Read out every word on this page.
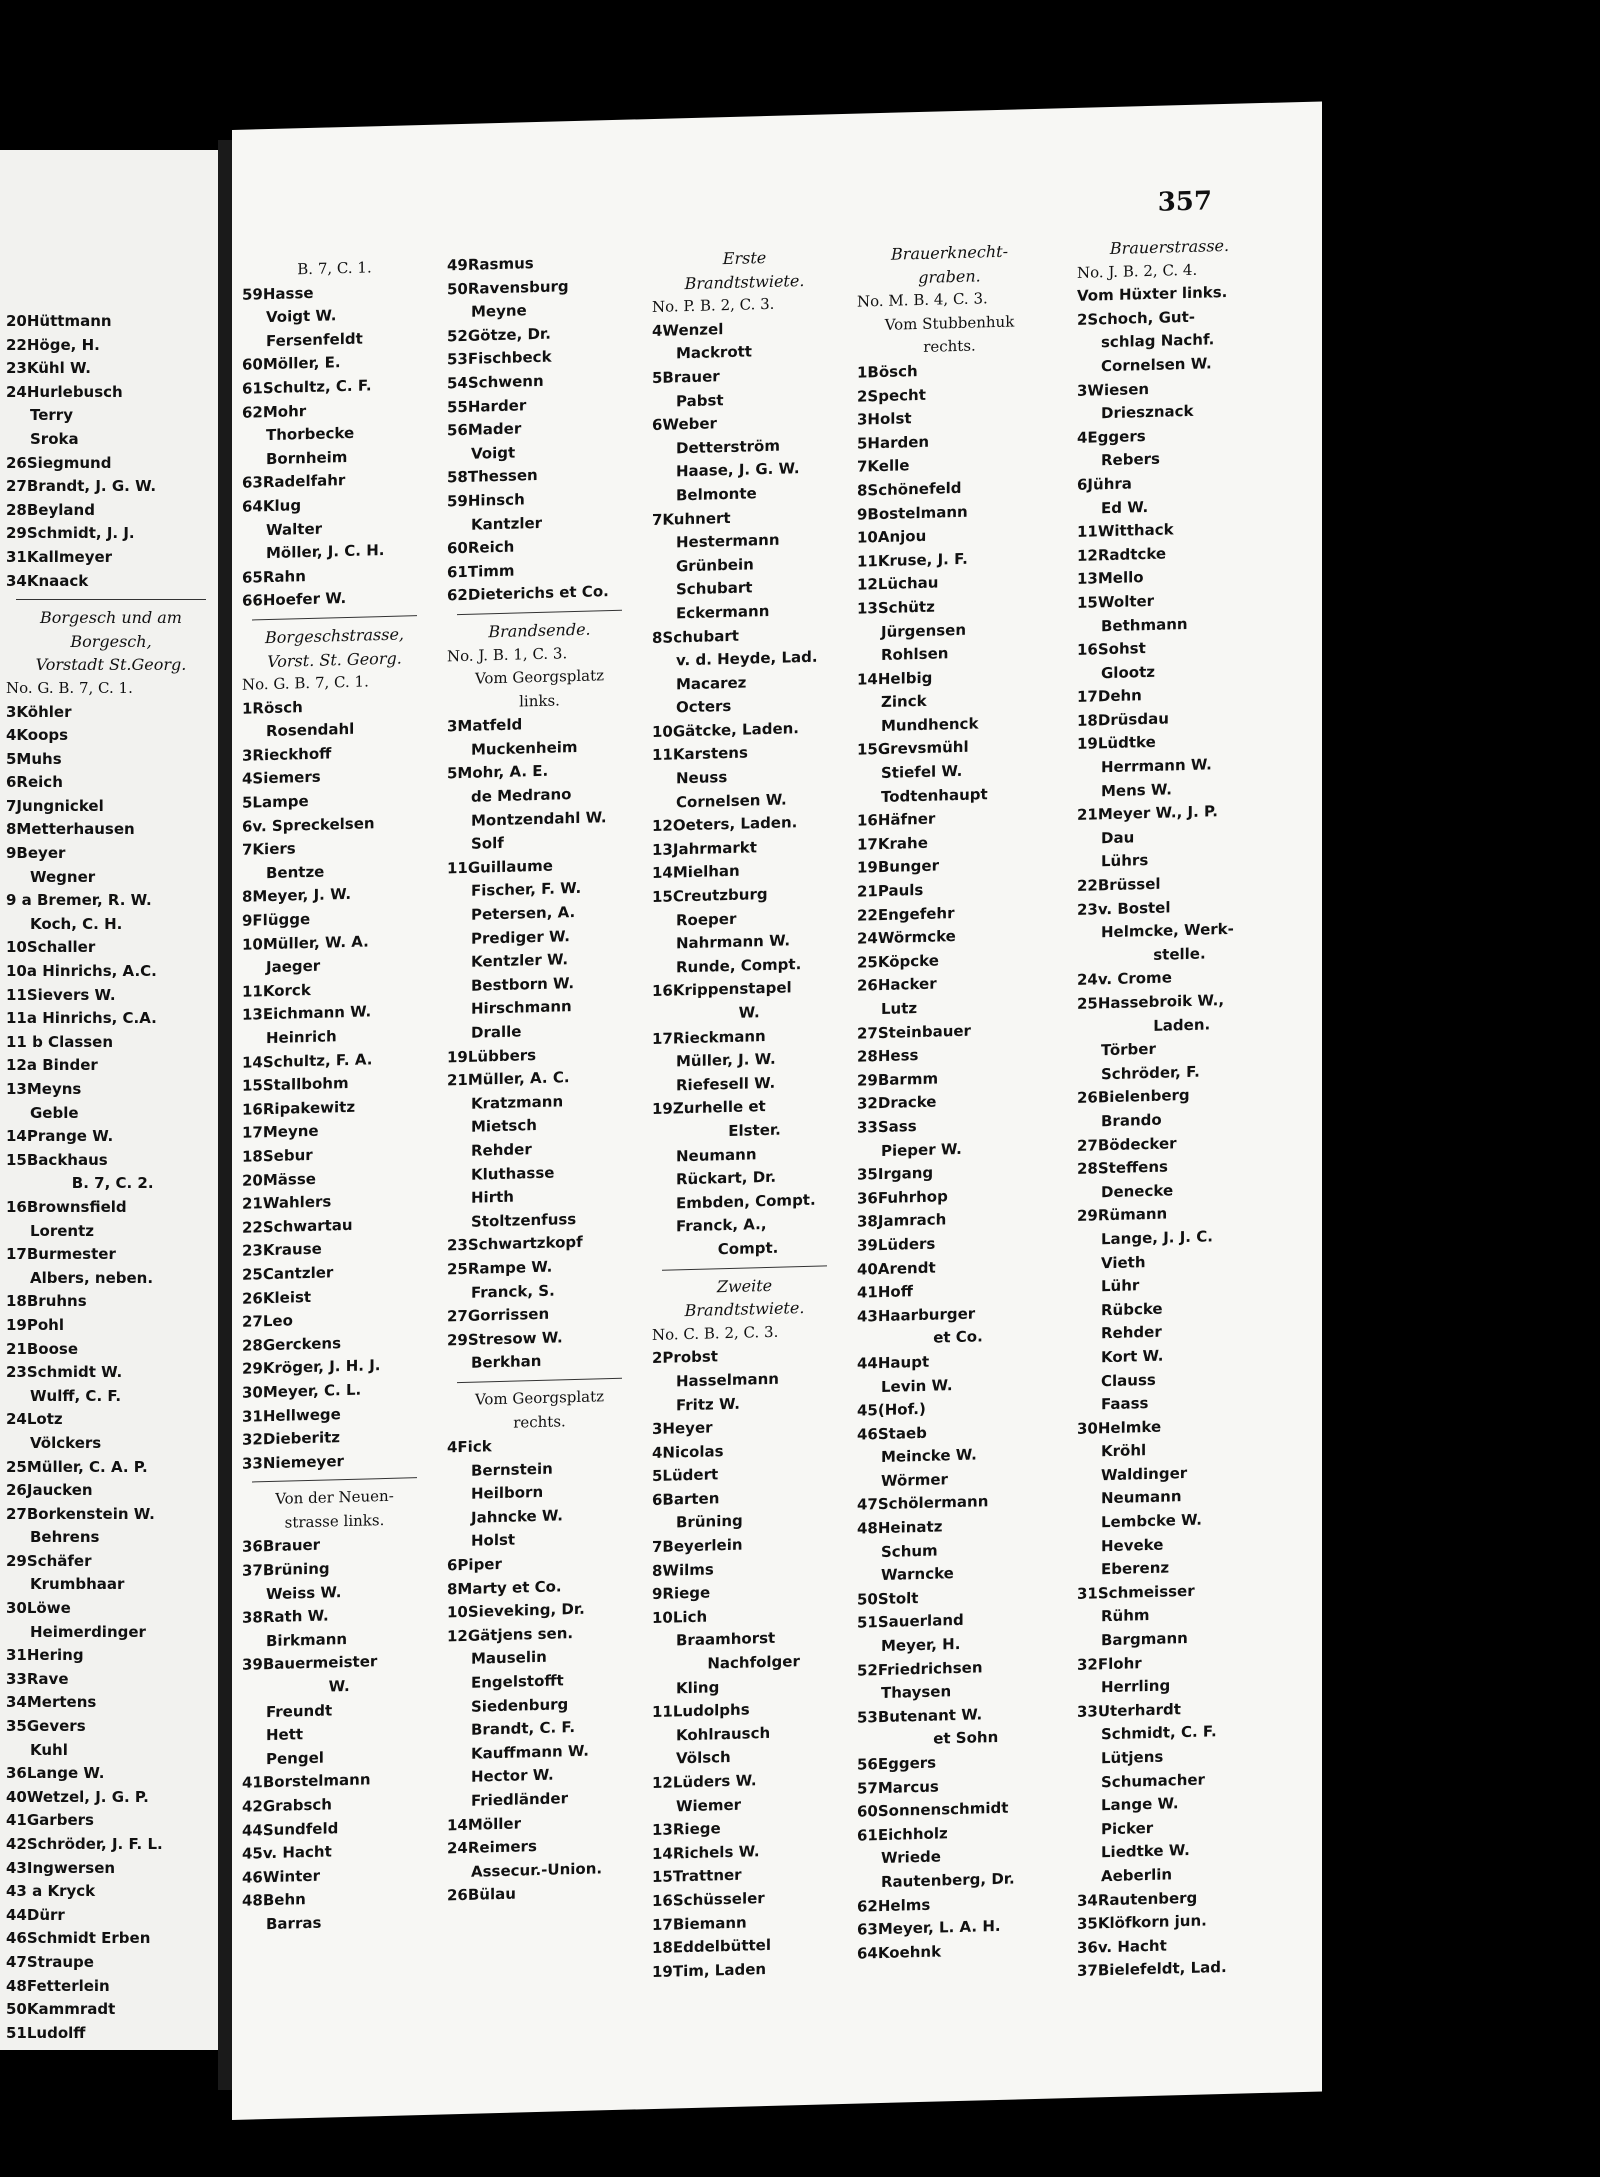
20Hüttmann
22Höge, H.
23Kühl W.
24Hurlebusch
Terry
Sroka
26Siegmund
27Brandt, J. G. W.
28Beyland
29Schmidt, J. J.
31Kallmeyer
34Knaack
Borgesch und am
Borgesch,
Vorstadt St.Georg.
No. G. B. 7, C. 1.
3Köhler
4Koops
5Muhs
6Reich
7Jungnickel
8Metterhausen
9Beyer
Wegner
9 a Bremer, R. W.
Koch, C. H.
10Schaller
10a Hinrichs, A.C.
11Sievers W.
11a Hinrichs, C.A.
11 b Classen
12a Binder
13Meyns
Geble
14Prange W.
15Backhaus
B. 7, C. 2.
16Brownsfield
Lorentz
17Burmester
Albers, neben.
18Bruhns
19Pohl
21Boose
23Schmidt W.
Wulff, C. F.
24Lotz
Völckers
25Müller, C. A. P.
26Jaucken
27Borkenstein W.
Behrens
29Schäfer
Krumbhaar
30Löwe
Heimerdinger
31Hering
33Rave
34Mertens
35Gevers
Kuhl
36Lange W.
40Wetzel, J. G. P.
41Garbers
42Schröder, J. F. L.
43Ingwersen
43 a Kryck
44Dürr
46Schmidt Erben
47Straupe
48Fetterlein
50Kammradt
51Ludolff
357
B. 7, C. 1.
59Hasse
Voigt W.
Fersenfeldt
60Möller, E.
61Schultz, C. F.
62Mohr
Thorbecke
Bornheim
63Radelfahr
64Klug
Walter
Möller, J. C. H.
65Rahn
66Hoefer W.
Borgeschstrasse,
Vorst. St. Georg.
No. G. B. 7, C. 1.
1Rösch
Rosendahl
3Rieckhoff
4Siemers
5Lampe
6v. Spreckelsen
7Kiers
Bentze
8Meyer, J. W.
9Flügge
10Müller, W. A.
Jaeger
11Korck
13Eichmann W.
Heinrich
14Schultz, F. A.
15Stallbohm
16Ripakewitz
17Meyne
18Sebur
20Mässe
21Wahlers
22Schwartau
23Krause
25Cantzler
26Kleist
27Leo
28Gerckens
29Kröger, J. H. J.
30Meyer, C. L.
31Hellwege
32Dieberitz
33Niemeyer
Von der Neuen-
strasse links.
36Brauer
37Brüning
Weiss W.
38Rath W.
Birkmann
39Bauermeister
W.
Freundt
Hett
Pengel
41Borstelmann
42Grabsch
44Sundfeld
45v. Hacht
46Winter
48Behn
Barras
49Rasmus
50Ravensburg
Meyne
52Götze, Dr.
53Fischbeck
54Schwenn
55Harder
56Mader
Voigt
58Thessen
59Hinsch
Kantzler
60Reich
61Timm
62Dieterichs et Co.
Brandsende.
No. J. B. 1, C. 3.
Vom Georgsplatz
links.
3Matfeld
Muckenheim
5Mohr, A. E.
de Medrano
Montzendahl W.
Solf
11Guillaume
Fischer, F. W.
Petersen, A.
Prediger W.
Kentzler W.
Bestborn W.
Hirschmann
Dralle
19Lübbers
21Müller, A. C.
Kratzmann
Mietsch
Rehder
Kluthasse
Hirth
Stoltzenfuss
23Schwartzkopf
25Rampe W.
Franck, S.
27Gorrissen
29Stresow W.
Berkhan
Vom Georgsplatz
rechts.
4Fick
Bernstein
Heilborn
Jahncke W.
Holst
6Piper
8Marty et Co.
10Sieveking, Dr.
12Gätjens sen.
Mauselin
Engelstofft
Siedenburg
Brandt, C. F.
Kauffmann W.
Hector W.
Friedländer
14Möller
24Reimers
Assecur.-Union.
26Bülau
Erste
Brandtstwiete.
No. P. B. 2, C. 3.
4Wenzel
Mackrott
5Brauer
Pabst
6Weber
Detterström
Haase, J. G. W.
Belmonte
7Kuhnert
Hestermann
Grünbein
Schubart
Eckermann
8Schubart
v. d. Heyde, Lad.
Macarez
Octers
10Gätcke, Laden.
11Karstens
Neuss
Cornelsen W.
12Oeters, Laden.
13Jahrmarkt
14Mielhan
15Creutzburg
Roeper
Nahrmann W.
Runde, Compt.
16Krippenstapel
W.
17Rieckmann
Müller, J. W.
Riefesell W.
19Zurhelle et
Elster.
Neumann
Rückart, Dr.
Embden, Compt.
Franck, A.,
Compt.
Zweite
Brandtstwiete.
No. C. B. 2, C. 3.
2Probst
Hasselmann
Fritz W.
3Heyer
4Nicolas
5Lüdert
6Barten
Brüning
7Beyerlein
8Wilms
9Riege
10Lich
Braamhorst
Nachfolger
Kling
11Ludolphs
Kohlrausch
Völsch
12Lüders W.
Wiemer
13Riege
14Richels W.
15Trattner
16Schüsseler
17Biemann
18Eddelbüttel
19Tim, Laden
Brauerknecht-
graben.
No. M. B. 4, C. 3.
Vom Stubbenhuk
rechts.
1Bösch
2Specht
3Holst
5Harden
7Kelle
8Schönefeld
9Bostelmann
10Anjou
11Kruse, J. F.
12Lüchau
13Schütz
Jürgensen
Rohlsen
14Helbig
Zinck
Mundhenck
15Grevsmühl
Stiefel W.
Todtenhaupt
16Häfner
17Krahe
19Bunger
21Pauls
22Engefehr
24Wörmcke
25Köpcke
26Hacker
Lutz
27Steinbauer
28Hess
29Barmm
32Dracke
33Sass
Pieper W.
35Irgang
36Fuhrhop
38Jamrach
39Lüders
40Arendt
41Hoff
43Haarburger
et Co.
44Haupt
Levin W.
45(Hof.)
46Staeb
Meincke W.
Wörmer
47Schölermann
48Heinatz
Schum
Warncke
50Stolt
51Sauerland
Meyer, H.
52Friedrichsen
Thaysen
53Butenant W.
et Sohn
56Eggers
57Marcus
60Sonnenschmidt
61Eichholz
Wriede
Rautenberg, Dr.
62Helms
63Meyer, L. A. H.
64Koehnk
Brauerstrasse.
No. J. B. 2, C. 4.
Vom Hüxter links.
2Schoch, Gut-
schlag Nachf.
Cornelsen W.
3Wiesen
Driesznack
4Eggers
Rebers
6Jühra
Ed W.
11Witthack
12Radtcke
13Mello
15Wolter
Bethmann
16Sohst
Glootz
17Dehn
18Drüsdau
19Lüdtke
Herrmann W.
Mens W.
21Meyer W., J. P.
Dau
Lührs
22Brüssel
23v. Bostel
Helmcke, Werk-
stelle.
24v. Crome
25Hassebroik W.,
Laden.
Törber
Schröder, F.
26Bielenberg
Brando
27Bödecker
28Steffens
Denecke
29Rümann
Lange, J. J. C.
Vieth
Lühr
Rübcke
Rehder
Kort W.
Clauss
Faass
30Helmke
Kröhl
Waldinger
Neumann
Lembcke W.
Heveke
Eberenz
31Schmeisser
Rühm
Bargmann
32Flohr
Herrling
33Uterhardt
Schmidt, C. F.
Lütjens
Schumacher
Lange W.
Picker
Liedtke W.
Aeberlin
34Rautenberg
35Klöfkorn jun.
36v. Hacht
37Bielefeldt, Lad.
